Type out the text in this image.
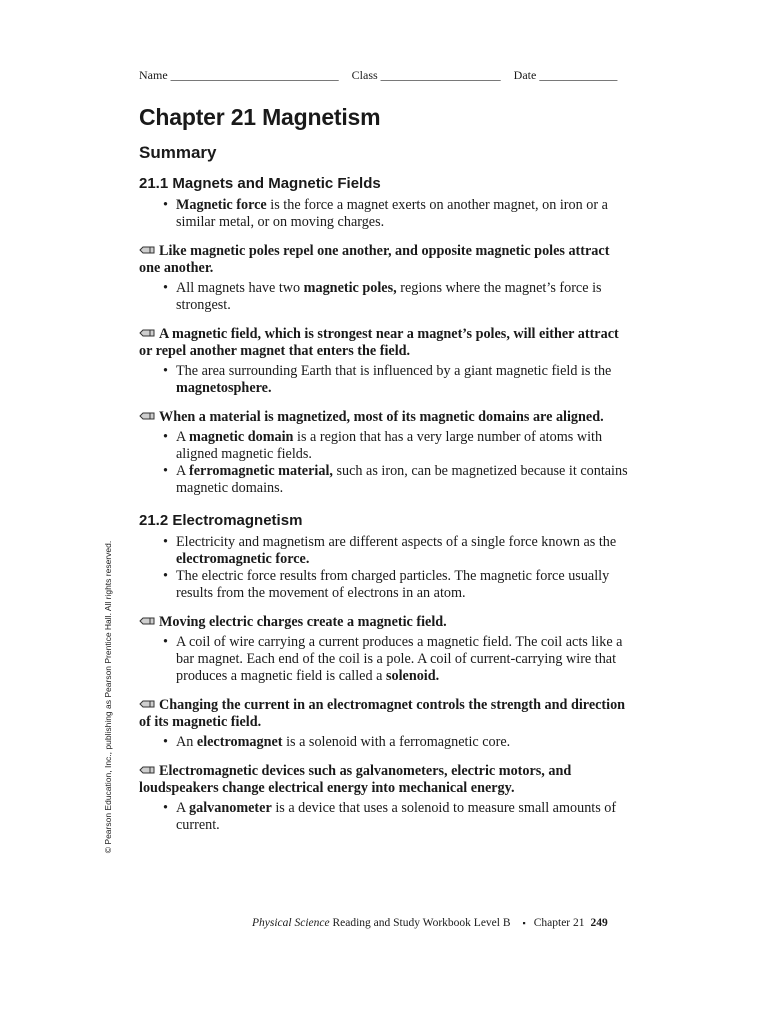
Name ____________________________ Class ____________________ Date _____________
Chapter 21 Magnetism
Summary
21.1 Magnets and Magnetic Fields
• Magnetic force is the force a magnet exerts on another magnet, on iron or a similar metal, or on moving charges.
Like magnetic poles repel one another, and opposite magnetic poles attract one another.
• All magnets have two magnetic poles, regions where the magnet’s force is strongest.
A magnetic field, which is strongest near a magnet’s poles, will either attract or repel another magnet that enters the field.
• The area surrounding Earth that is influenced by a giant magnetic field is the magnetosphere.
When a material is magnetized, most of its magnetic domains are aligned.
• A magnetic domain is a region that has a very large number of atoms with aligned magnetic fields.
• A ferromagnetic material, such as iron, can be magnetized because it contains magnetic domains.
21.2 Electromagnetism
• Electricity and magnetism are different aspects of a single force known as the electromagnetic force.
• The electric force results from charged particles. The magnetic force usually results from the movement of electrons in an atom.
Moving electric charges create a magnetic field.
• A coil of wire carrying a current produces a magnetic field. The coil acts like a bar magnet. Each end of the coil is a pole. A coil of current-carrying wire that produces a magnetic field is called a solenoid.
Changing the current in an electromagnet controls the strength and direction of its magnetic field.
• An electromagnet is a solenoid with a ferromagnetic core.
Electromagnetic devices such as galvanometers, electric motors, and loudspeakers change electrical energy into mechanical energy.
• A galvanometer is a device that uses a solenoid to measure small amounts of current.
© Pearson Education, Inc., publishing as Pearson Prentice Hall. All rights reserved.
Physical Science Reading and Study Workbook Level B ▪ Chapter 21 249
